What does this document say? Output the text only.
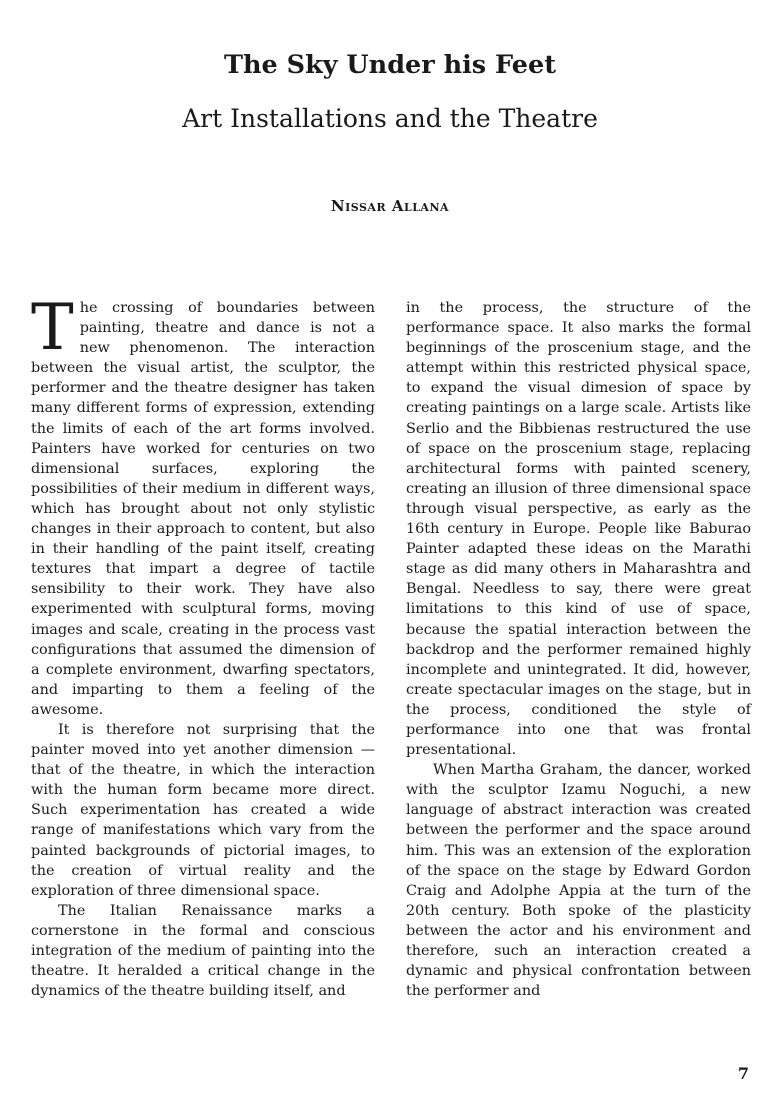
The Sky Under his Feet
Art Installations and the Theatre
Nissar Allana

The crossing of boundaries between painting, theatre and dance is not a new phenomenon. The interaction between the visual artist, the sculptor, the performer and the theatre designer has taken many different forms of expression, extending the limits of each of the art forms involved. Painters have worked for centuries on two dimensional surfaces, exploring the possibilities of their medium in different ways, which has brought about not only stylistic changes in their approach to content, but also in their handling of the paint itself, creating textures that impart a degree of tactile sensibility to their work. They have also experimented with sculptural forms, moving images and scale, creating in the process vast configurations that assumed the dimension of a complete environment, dwarfing spectators, and imparting to them a feeling of the awesome.

It is therefore not surprising that the painter moved into yet another dimension — that of the theatre, in which the interaction with the human form became more direct. Such experimentation has created a wide range of manifestations which vary from the painted backgrounds of pictorial images, to the creation of virtual reality and the exploration of three dimensional space.

The Italian Renaissance marks a cornerstone in the formal and conscious integration of the medium of painting into the theatre. It heralded a critical change in the dynamics of the theatre building itself, and

in the process, the structure of the performance space. It also marks the formal beginnings of the proscenium stage, and the attempt within this restricted physical space, to expand the visual dimesion of space by creating paintings on a large scale. Artists like Serlio and the Bibbienas restructured the use of space on the proscenium stage, replacing architectural forms with painted scenery, creating an illusion of three dimensional space through visual perspective, as early as the 16th century in Europe. People like Baburao Painter adapted these ideas on the Marathi stage as did many others in Maharashtra and Bengal. Needless to say, there were great limitations to this kind of use of space, because the spatial interaction between the backdrop and the performer remained highly incomplete and unintegrated. It did, however, create spectacular images on the stage, but in the process, conditioned the style of performance into one that was frontal presentational.

When Martha Graham, the dancer, worked with the sculptor Izamu Noguchi, a new language of abstract interaction was created between the performer and the space around him. This was an extension of the exploration of the space on the stage by Edward Gordon Craig and Adolphe Appia at the turn of the 20th century. Both spoke of the plasticity between the actor and his environment and therefore, such an interaction created a dynamic and physical confrontation between the performer and

7
